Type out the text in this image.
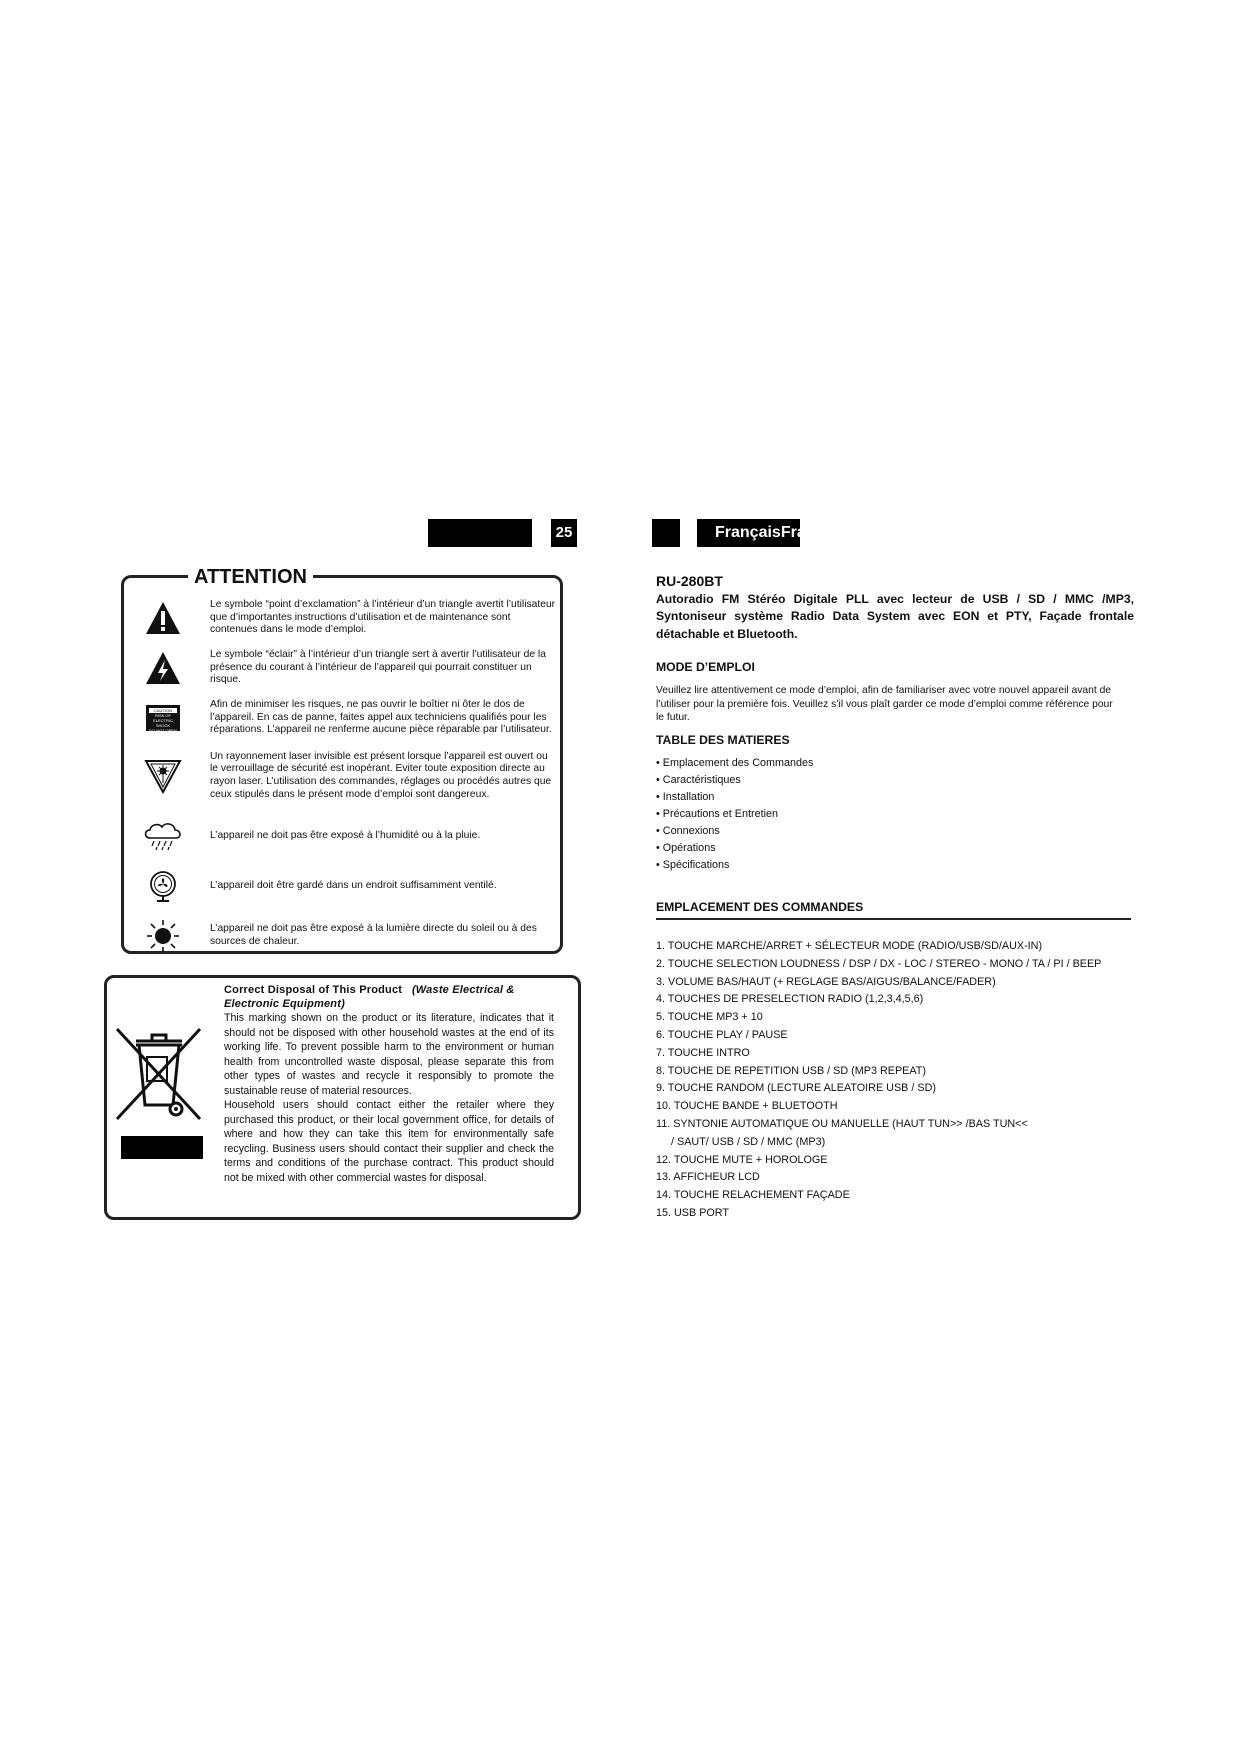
25	FrançaisFrançais
ATTENTION
Le symbole “point d’exclamation” à l’intérieur d’un triangle avertit l’utilisateur que d’importantes instructions d’utilisation et de maintenance sont contenues dans le mode d’emploi.
Le symbole “éclair” à l’intérieur d’un triangle sert à avertir l’utilisateur de la présence du courant à l’intérieur de l’appareil qui pourrait constituer un risque.
CAUTION
RISK OF ELECTRIC SHOCK
DO NOT OPEN
Afin de minimiser les risques, ne pas ouvrir le boîtier ni ôter le dos de l’appareil. En cas de panne, faites appel aux techniciens qualifiés pour les réparations. L’appareil ne renferme aucune pièce réparable par l’utilisateur.
Un rayonnement laser invisible est présent lorsque l’appareil est ouvert ou le verrouillage de sécurité est inopérant. Eviter toute exposition directe au rayon laser. L’utilisation des commandes, réglages ou procédés autres que ceux stipulés dans le présent mode d’emploi sont dangereux.
L’appareil ne doit pas être exposé à l’humidité ou à la pluie.
L’appareil doit être gardé dans un endroit suffisamment ventilé.
L’appareil ne doit pas être exposé à la lumière directe du soleil ou à des sources de chaleur.
Correct Disposal of This Product (Waste Electrical & Electronic Equipment)

This marking shown on the product or its literature, indicates that it should not be disposed with other household wastes at the end of its working life. To prevent possible harm to the environment or human health from uncontrolled waste disposal, please separate this from other types of wastes and recycle it responsibly to promote the sustainable reuse of material resources.

Household users should contact either the retailer where they purchased this product, or their local government office, for details of where and how they can take this item for environmentally safe recycling. Business users should contact their supplier and check the terms and conditions of the purchase contract. This product should not be mixed with other commercial wastes for disposal.

RU-280BT
Autoradio FM Stéréo Digitale PLL avec lecteur de USB / SD / MMC /MP3, Syntoniseur système Radio Data System avec EON et PTY, Façade frontale détachable et Bluetooth.
MODE D’EMPLOI
Veuillez lire attentivement ce mode d’emploi, afin de familiariser avec votre nouvel appareil avant de l’utiliser pour la première fois. Veuillez s’il vous plaît garder ce mode d’emploi comme référence pour le futur.
TABLE DES MATIERES
• Emplacement des Commandes
• Caractéristiques
• Installation
• Précautions et Entretien
• Connexions
• Opérations
• Spécifications
EMPLACEMENT DES COMMANDES
1. TOUCHE MARCHE/ARRET + SÉLECTEUR MODE (RADIO/USB/SD/AUX-IN)
2. TOUCHE SELECTION LOUDNESS / DSP / DX - LOC / STEREO - MONO / TA / PI / BEEP
3. VOLUME BAS/HAUT (+ REGLAGE BAS/AIGUS/BALANCE/FADER)
4. TOUCHES DE PRESELECTION RADIO (1,2,3,4,5,6)
5. TOUCHE MP3 + 10
6. TOUCHE PLAY / PAUSE
7. TOUCHE INTRO
8. TOUCHE DE REPETITION USB / SD (MP3 REPEAT)
9. TOUCHE RANDOM (LECTURE ALEATOIRE USB / SD)
10. TOUCHE BANDE + BLUETOOTH
11. SYNTONIE AUTOMATIQUE OU MANUELLE (HAUT TUN>> /BAS TUN<<
/ SAUT/ USB / SD / MMC (MP3)
12. TOUCHE MUTE + HOROLOGE
13. AFFICHEUR LCD
14. TOUCHE RELACHEMENT FAÇADE
15. USB PORT
